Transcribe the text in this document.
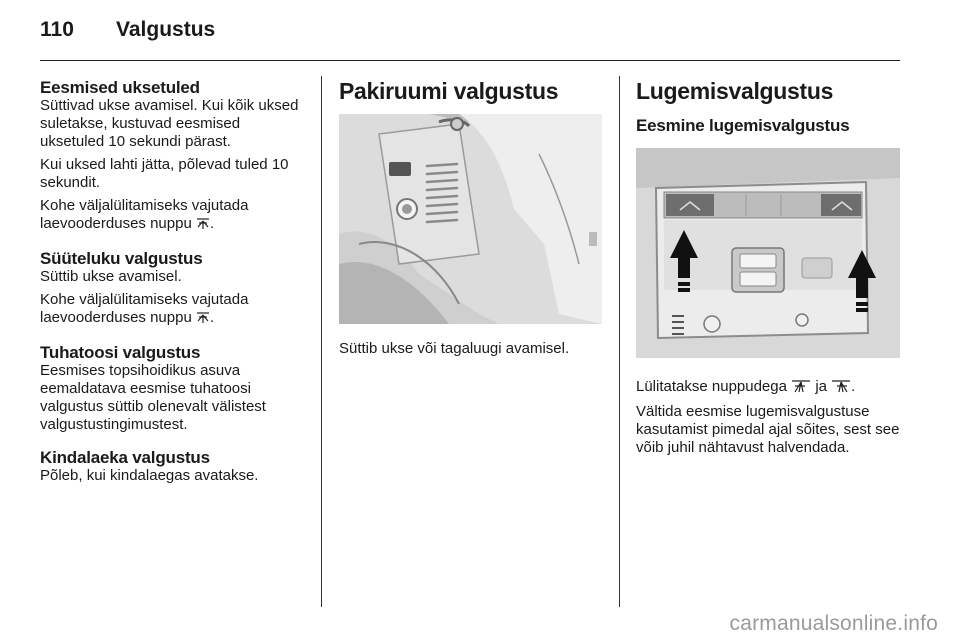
110 Valgustus
Eesmised uksetuled

Süttivad ukse avamisel. Kui kõik uksed suletakse, kustuvad eesmised uksetuled 10 sekundi pärast.

Kui uksed lahti jätta, põlevad tuled 10 sekundit.

Kohe väljalülitamiseks vajutada laevooderduses nuppu .

Süüteluku valgustus

Süttib ukse avamisel.

Kohe väljalülitamiseks vajutada laevooderduses nuppu .

Tuhatoosi valgustus

Eesmises topsihoidikus asuva eemaldatava eesmise tuhatoosi valgustus süttib olenevalt välistest valgustustingimustest.

Kindalaeka valgustus

Põleb, kui kindalaegas avatakse.

Pakiruumi valgustus

Süttib ukse või tagaluugi avamisel.

Lugemisvalgustus
Eesmine lugemisvalgustus

Lülitatakse nuppudega ja .

Vältida eesmise lugemisvalgustuse kasutamist pimedal ajal sõites, sest see võib juhil nähtavust halvendada.

carmanualsonline.info
